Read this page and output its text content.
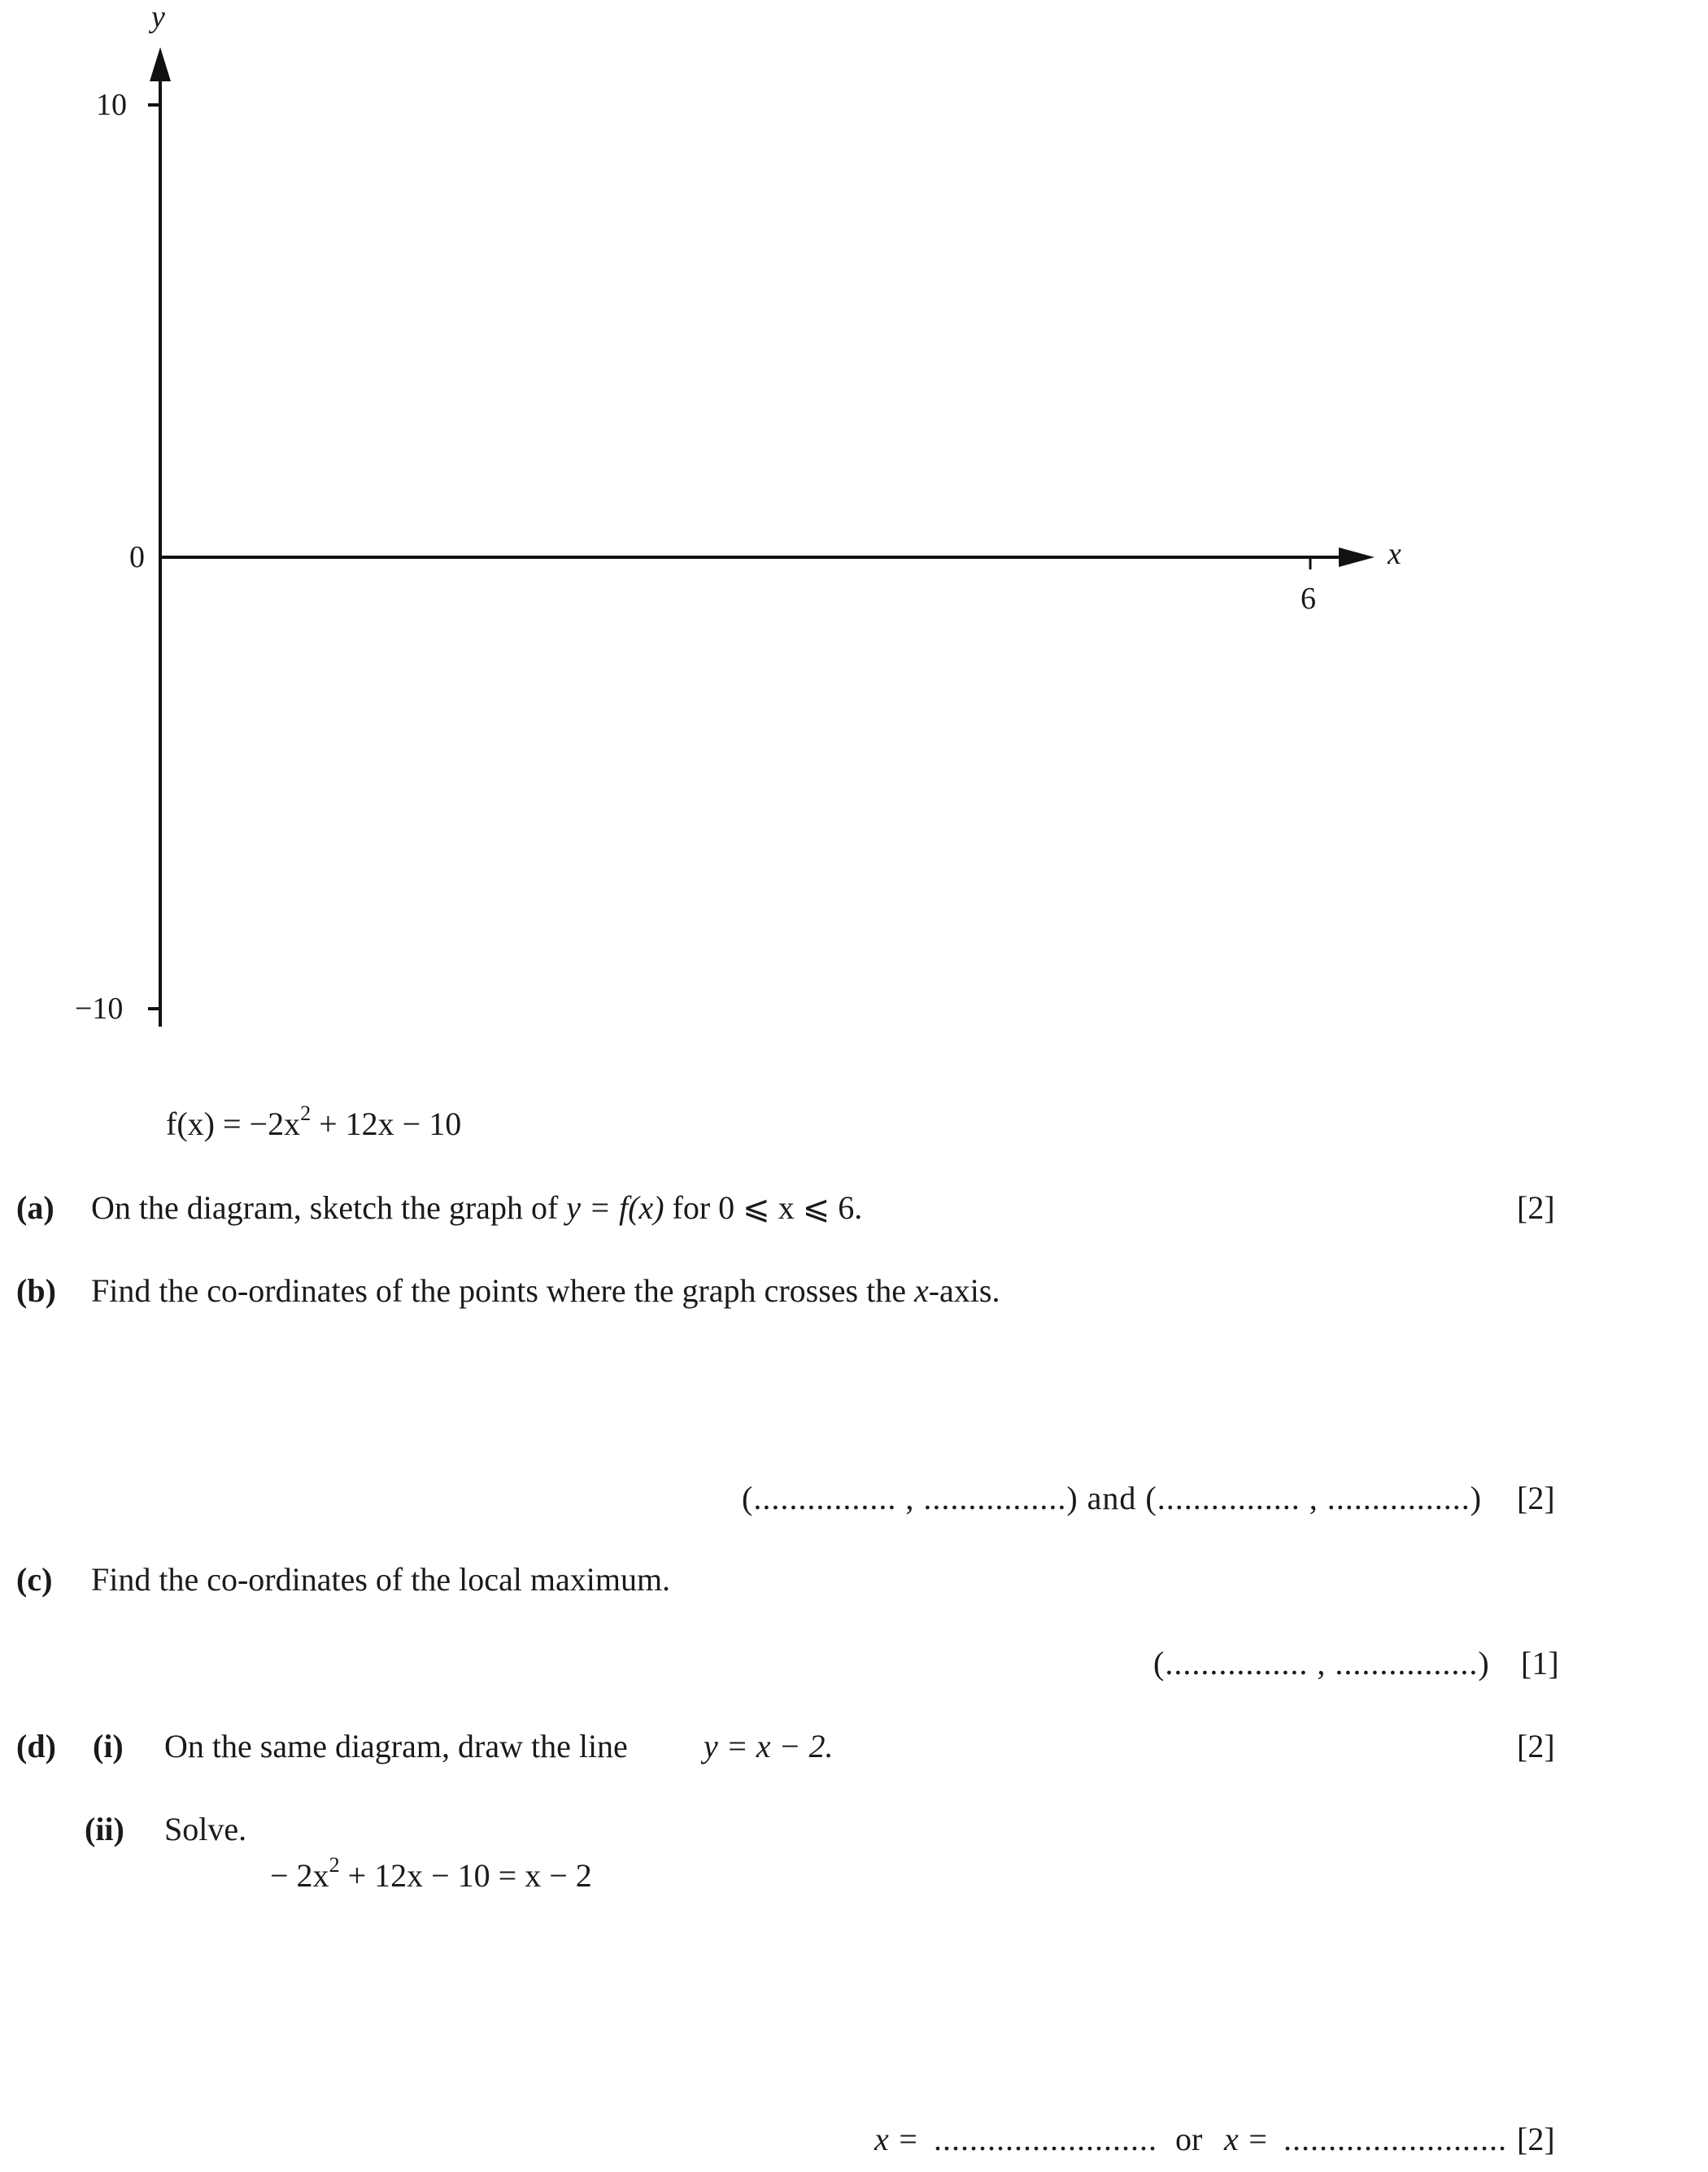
y
x
10
0
−10
6
$f(x) = -2x^2 + 12x - 10$
(a) On the diagram, sketch the graph of y = f(x) for 0 ⩽ x ⩽ 6.	[2]
(b) Find the co-ordinates of the points where the graph crosses the x-axis.
(................ , ................) and (................ , ................) [2]
(c) Find the co-ordinates of the local maximum.
(................ , ................) [1]
(d) (i) On the same diagram, draw the line y = x − 2.	[2]
(ii) Solve.
− $2x^2 + 12x - 10 = x - 2$
x = ......................... or x = ......................... [2]
